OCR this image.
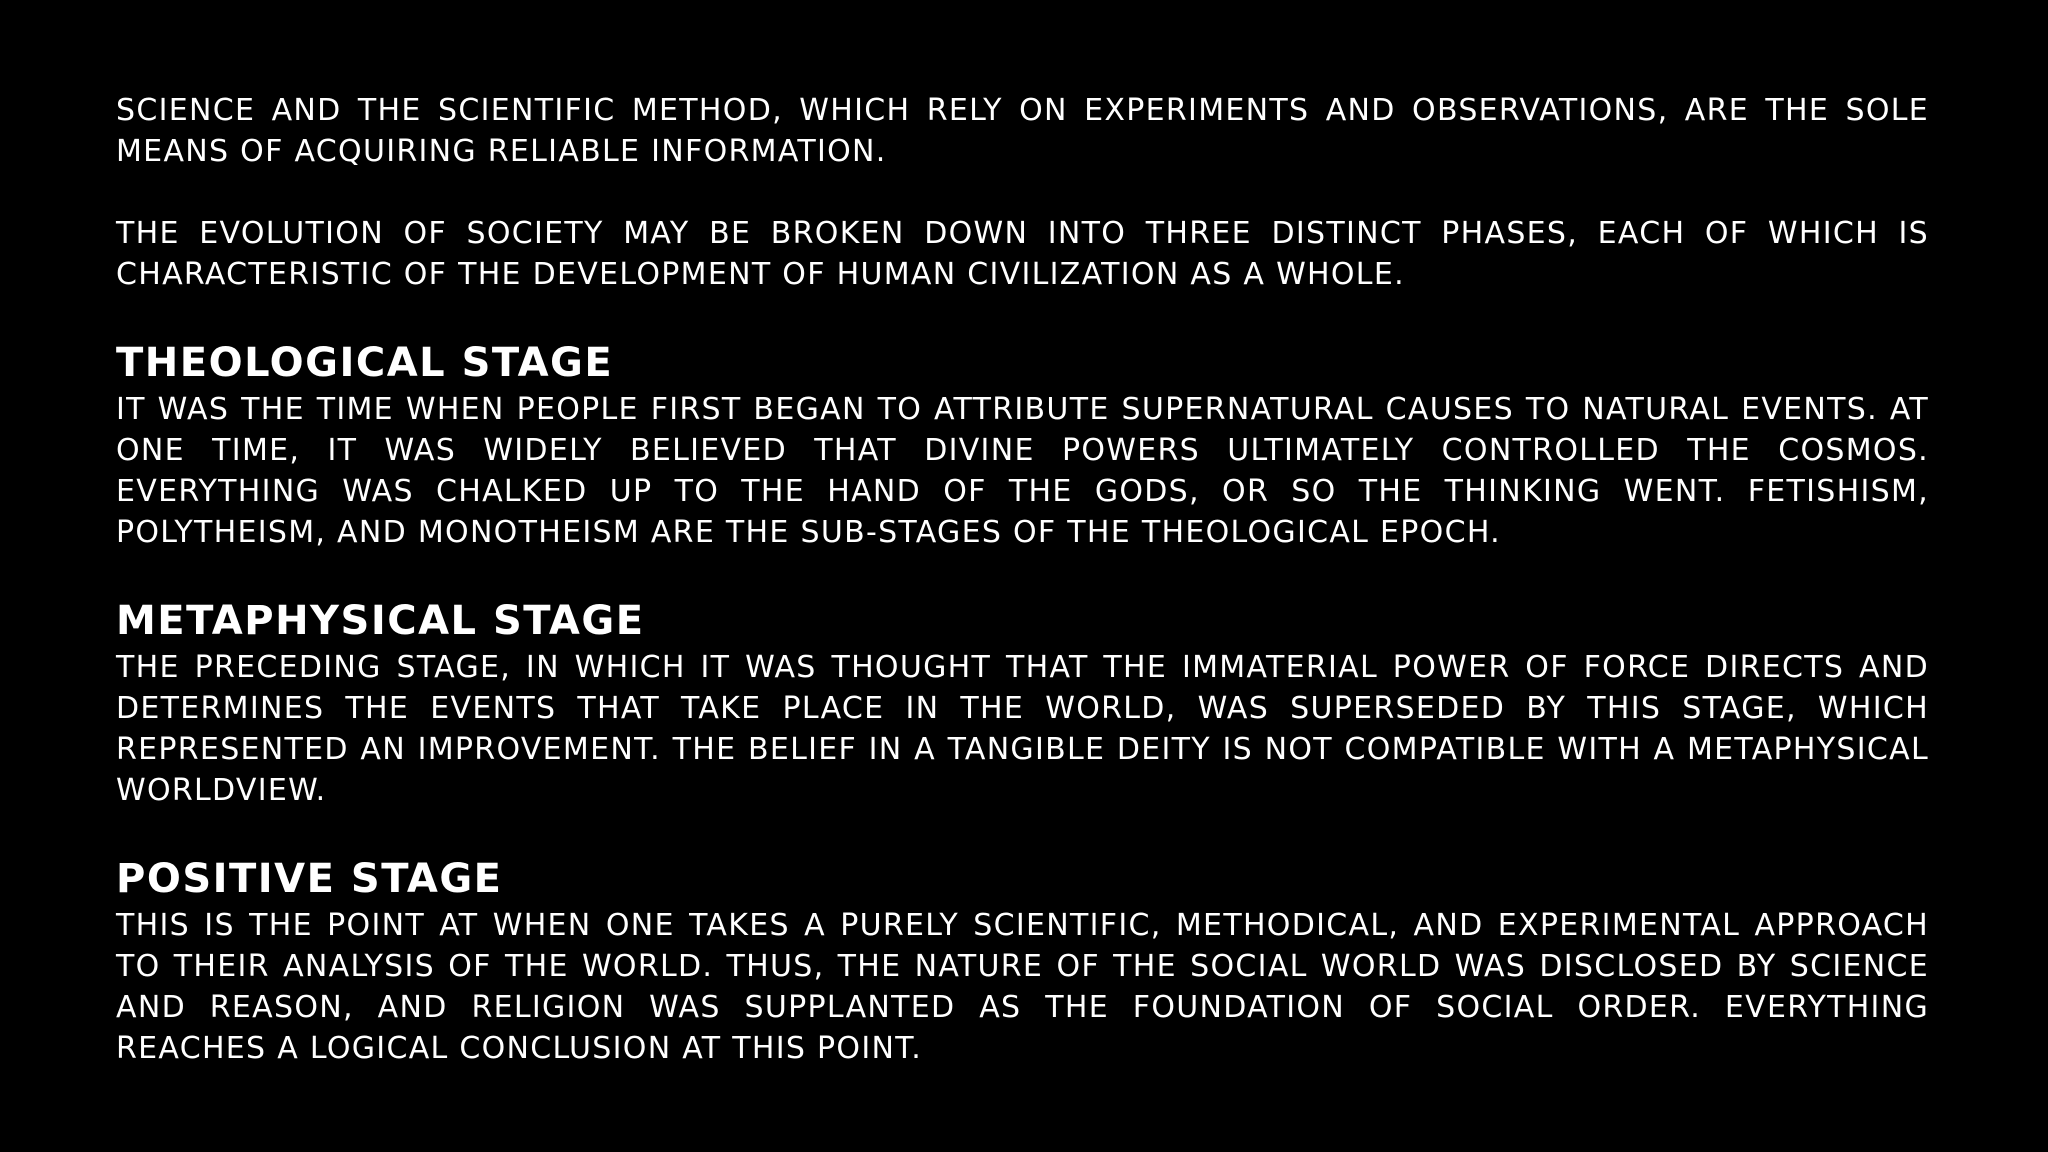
SCIENCE AND THE SCIENTIFIC METHOD, WHICH RELY ON EXPERIMENTS AND OBSERVATIONS, ARE THE SOLE MEANS OF ACQUIRING RELIABLE INFORMATION.

THE EVOLUTION OF SOCIETY MAY BE BROKEN DOWN INTO THREE DISTINCT PHASES, EACH OF WHICH IS CHARACTERISTIC OF THE DEVELOPMENT OF HUMAN CIVILIZATION AS A WHOLE.

THEOLOGICAL STAGE

IT WAS THE TIME WHEN PEOPLE FIRST BEGAN TO ATTRIBUTE SUPERNATURAL CAUSES TO NATURAL EVENTS. AT ONE TIME, IT WAS WIDELY BELIEVED THAT DIVINE POWERS ULTIMATELY CONTROLLED THE COSMOS. EVERYTHING WAS CHALKED UP TO THE HAND OF THE GODS, OR SO THE THINKING WENT. FETISHISM, POLYTHEISM, AND MONOTHEISM ARE THE SUB-STAGES OF THE THEOLOGICAL EPOCH.

METAPHYSICAL STAGE

THE PRECEDING STAGE, IN WHICH IT WAS THOUGHT THAT THE IMMATERIAL POWER OF FORCE DIRECTS AND DETERMINES THE EVENTS THAT TAKE PLACE IN THE WORLD, WAS SUPERSEDED BY THIS STAGE, WHICH REPRESENTED AN IMPROVEMENT. THE BELIEF IN A TANGIBLE DEITY IS NOT COMPATIBLE WITH A METAPHYSICAL WORLDVIEW.

POSITIVE STAGE

THIS IS THE POINT AT WHEN ONE TAKES A PURELY SCIENTIFIC, METHODICAL, AND EXPERIMENTAL APPROACH TO THEIR ANALYSIS OF THE WORLD. THUS, THE NATURE OF THE SOCIAL WORLD WAS DISCLOSED BY SCIENCE AND REASON, AND RELIGION WAS SUPPLANTED AS THE FOUNDATION OF SOCIAL ORDER. EVERYTHING REACHES A LOGICAL CONCLUSION AT THIS POINT.
